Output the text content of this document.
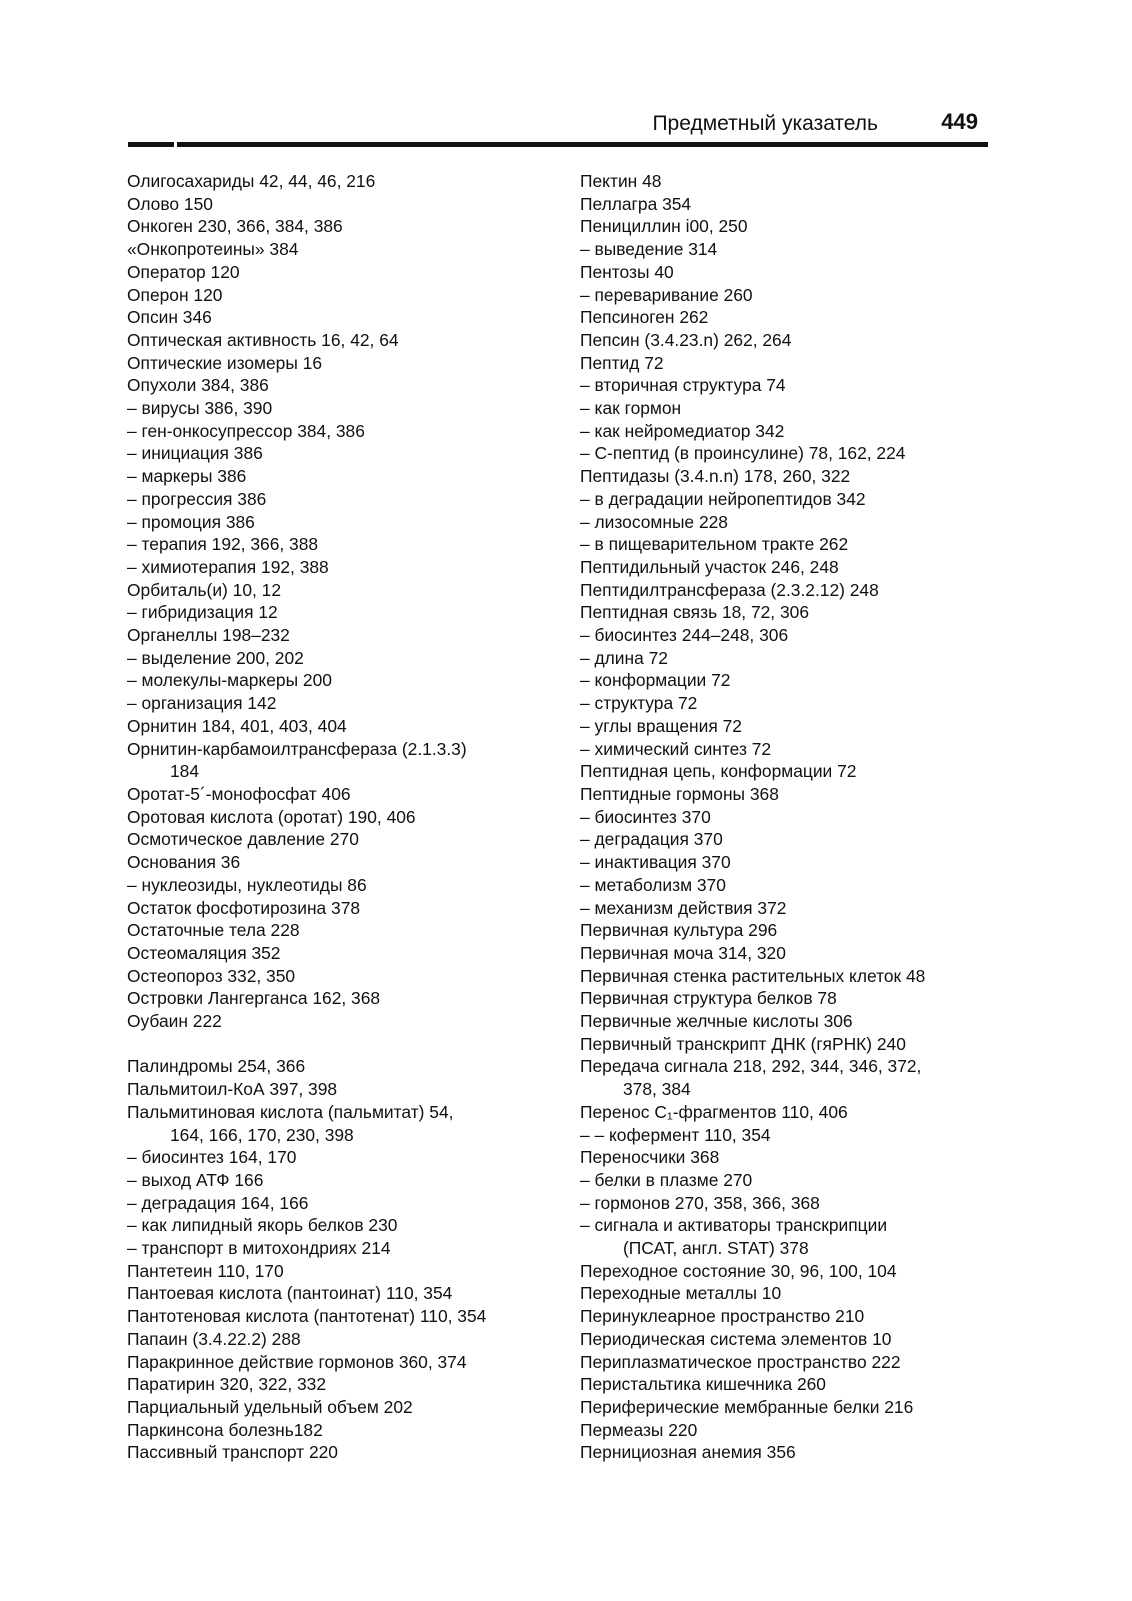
Предметный указатель	449
Олигосахариды 42, 44, 46, 216
Олово 150
Онкоген 230, 366, 384, 386
«Онкопротеины» 384
Оператор 120
Оперон 120
Опсин 346
Оптическая активность 16, 42, 64
Оптические изомеры 16
Опухоли 384, 386
– вирусы 386, 390
– ген-онкосупрессор 384, 386
– инициация 386
– маркеры 386
– прогрессия 386
– промоция 386
– терапия 192, 366, 388
– химиотерапия 192, 388
Орбиталь(и) 10, 12
– гибридизация 12
Органеллы 198–232
– выделение 200, 202
– молекулы-маркеры 200
– организация 142
Орнитин 184, 401, 403, 404
Орнитин-карбамоилтрансфераза (2.1.3.3)
184
Оротат-5´-монофосфат 406
Оротовая кислота (оротат) 190, 406
Осмотическое давление 270
Основания 36
– нуклеозиды, нуклеотиды 86
Остаток фосфотирозина 378
Остаточные тела 228
Остеомаляция 352
Остеопороз 332, 350
Островки Лангерганса 162, 368
Оубаин 222
Палиндромы 254, 366
Пальмитоил-КоА 397, 398
Пальмитиновая кислота (пальмитат) 54,
164, 166, 170, 230, 398
– биосинтез 164, 170
– выход АТФ 166
– деградация 164, 166
– как липидный якорь белков 230
– транспорт в митохондриях 214
Пантетеин 110, 170
Пантоевая кислота (пантоинат) 110, 354
Пантотеновая кислота (пантотенат) 110, 354
Папаин (3.4.22.2) 288
Паракринное действие гормонов 360, 374
Паратирин 320, 322, 332
Парциальный удельный объем 202
Паркинсона болезнь182
Пассивный транспорт 220
Пектин 48
Пеллагра 354
Пенициллин i00, 250
– выведение 314
Пентозы 40
– переваривание 260
Пепсиноген 262
Пепсин (3.4.23.n) 262, 264
Пептид 72
– вторичная структура 74
– как гормон
– как нейромедиатор 342
– С-пептид (в проинсулине) 78, 162, 224
Пептидазы (3.4.n.n) 178, 260, 322
– в деградации нейропептидов 342
– лизосомные 228
– в пищеварительном тракте 262
Пептидильный участок 246, 248
Пептидилтрансфераза (2.3.2.12) 248
Пептидная связь 18, 72, 306
– биосинтез 244–248, 306
– длина 72
– конформации 72
– структура 72
– углы вращения 72
– химический синтез 72
Пептидная цепь, конформации 72
Пептидные гормоны 368
– биосинтез 370
– деградация 370
– инактивация 370
– метаболизм 370
– механизм действия 372
Первичная культура 296
Первичная моча 314, 320
Первичная стенка растительных клеток 48
Первичная структура белков 78
Первичные желчные кислоты 306
Первичный транскрипт ДНК (гяРНК) 240
Передача сигнала 218, 292, 344, 346, 372,
378, 384
Перенос С₁-фрагментов 110, 406
– – кофермент 110, 354
Переносчики 368
– белки в плазме 270
– гормонов 270, 358, 366, 368
– сигнала и активаторы транскрипции
(ПСАТ, англ. STAT) 378
Переходное состояние 30, 96, 100, 104
Переходные металлы 10
Перинуклеарное пространство 210
Периодическая система элементов 10
Периплазматическое пространство 222
Перистальтика кишечника 260
Периферические мембранные белки 216
Пермеазы 220
Пернициозная анемия 356
